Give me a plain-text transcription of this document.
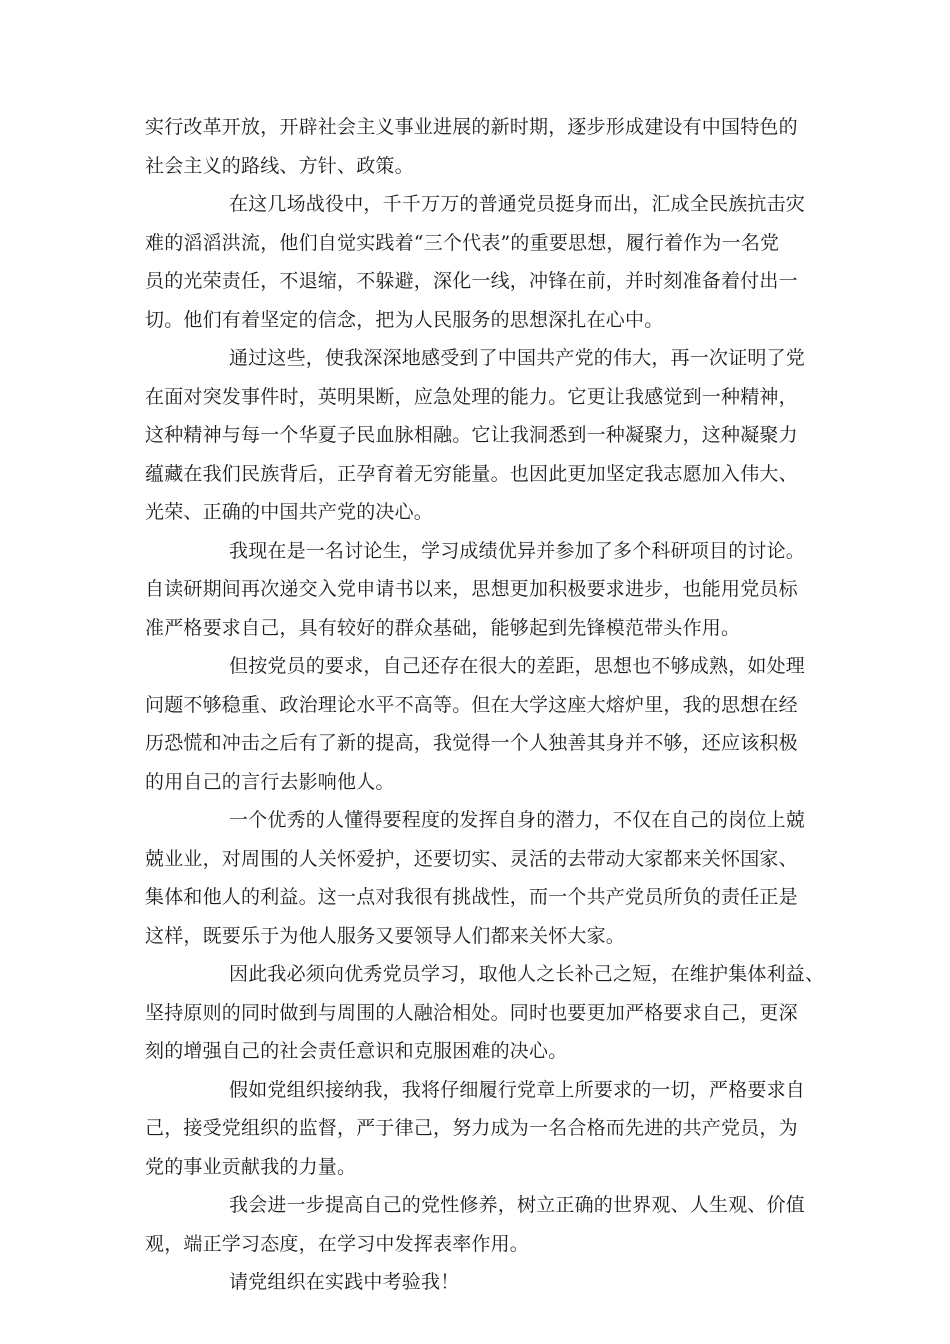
实行改革开放，开辟社会主义事业进展的新时期，逐步形成建设有中国特色的
社会主义的路线、方针、政策。
在这几场战役中，千千万万的普通党员挺身而出，汇成全民族抗击灾
难的滔滔洪流，他们自觉实践着“三个代表”的重要思想，履行着作为一名党
员的光荣责任，不退缩，不躲避，深化一线，冲锋在前，并时刻准备着付出一
切。他们有着坚定的信念，把为人民服务的思想深扎在心中。
通过这些，使我深深地感受到了中国共产党的伟大，再一次证明了党
在面对突发事件时，英明果断，应急处理的能力。它更让我感觉到一种精神，
这种精神与每一个华夏子民血脉相融。它让我洞悉到一种凝聚力，这种凝聚力
蕴藏在我们民族背后，正孕育着无穷能量。也因此更加坚定我志愿加入伟大、
光荣、正确的中国共产党的决心。
我现在是一名讨论生，学习成绩优异并参加了多个科研项目的讨论。
自读研期间再次递交入党申请书以来，思想更加积极要求进步，也能用党员标
准严格要求自己，具有较好的群众基础，能够起到先锋模范带头作用。
但按党员的要求，自己还存在很大的差距，思想也不够成熟，如处理
问题不够稳重、政治理论水平不高等。但在大学这座大熔炉里，我的思想在经
历恐慌和冲击之后有了新的提高，我觉得一个人独善其身并不够，还应该积极
的用自己的言行去影响他人。
一个优秀的人懂得要程度的发挥自身的潜力，不仅在自己的岗位上兢
兢业业，对周围的人关怀爱护，还要切实、灵活的去带动大家都来关怀国家、
集体和他人的利益。这一点对我很有挑战性，而一个共产党员所负的责任正是
这样，既要乐于为他人服务又要领导人们都来关怀大家。
因此我必须向优秀党员学习，取他人之长补己之短，在维护集体利益、
坚持原则的同时做到与周围的人融洽相处。同时也要更加严格要求自己，更深
刻的增强自己的社会责任意识和克服困难的决心。
假如党组织接纳我，我将仔细履行党章上所要求的一切，严格要求自
己，接受党组织的监督，严于律己，努力成为一名合格而先进的共产党员，为
党的事业贡献我的力量。
我会进一步提高自己的党性修养，树立正确的世界观、人生观、价值
观，端正学习态度，在学习中发挥表率作用。
请党组织在实践中考验我！
